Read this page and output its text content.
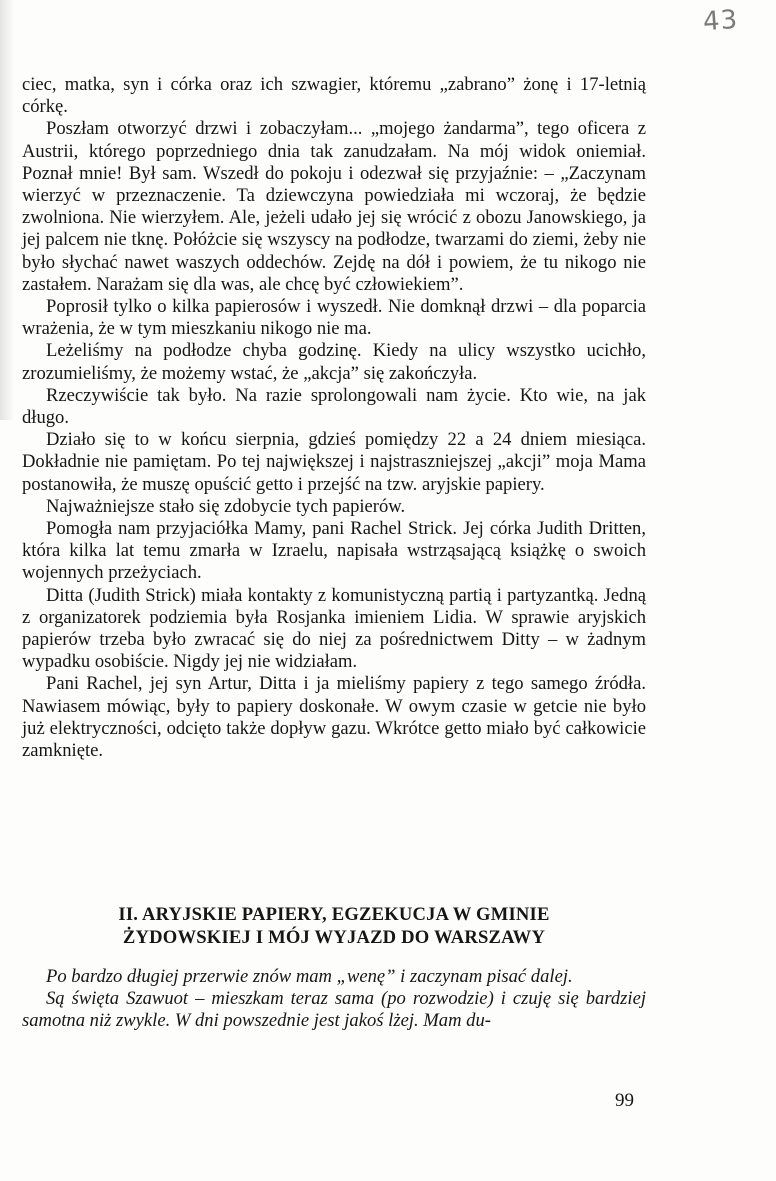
43

ciec, matka, syn i córka oraz ich szwagier, któremu „zabrano” żonę i 17-letnią córkę.

Poszłam otworzyć drzwi i zobaczyłam... „mojego żandarma”, tego oficera z Austrii, którego poprzedniego dnia tak zanudzałam. Na mój widok oniemiał. Poznał mnie! Był sam. Wszedł do pokoju i odezwał się przyjaźnie: – „Zaczynam wierzyć w przeznaczenie. Ta dziewczyna powiedziała mi wczoraj, że będzie zwolniona. Nie wierzyłem. Ale, jeżeli udało jej się wrócić z obozu Janowskiego, ja jej palcem nie tknę. Połóżcie się wszyscy na podłodze, twarzami do ziemi, żeby nie było słychać nawet waszych oddechów. Zejdę na dół i powiem, że tu nikogo nie zastałem. Narażam się dla was, ale chcę być człowiekiem”.

Poprosił tylko o kilka papierosów i wyszedł. Nie domknął drzwi – dla poparcia wrażenia, że w tym mieszkaniu nikogo nie ma.

Leżeliśmy na podłodze chyba godzinę. Kiedy na ulicy wszystko ucichło, zrozumieliśmy, że możemy wstać, że „akcja” się zakończyła.

Rzeczywiście tak było. Na razie sprolongowali nam życie. Kto wie, na jak długo.

Działo się to w końcu sierpnia, gdzieś pomiędzy 22 a 24 dniem miesiąca. Dokładnie nie pamiętam. Po tej największej i najstraszniejszej „akcji” moja Mama postanowiła, że muszę opuścić getto i przejść na tzw. aryjskie papiery.

Najważniejsze stało się zdobycie tych papierów.

Pomogła nam przyjaciółka Mamy, pani Rachel Strick. Jej córka Judith Dritten, która kilka lat temu zmarła w Izraelu, napisała wstrząsającą książkę o swoich wojennych przeżyciach.

Ditta (Judith Strick) miała kontakty z komunistyczną partią i partyzantką. Jedną z organizatorek podziemia była Rosjanka imieniem Lidia. W sprawie aryjskich papierów trzeba było zwracać się do niej za pośrednictwem Ditty – w żadnym wypadku osobiście. Nigdy jej nie widziałam.

Pani Rachel, jej syn Artur, Ditta i ja mieliśmy papiery z tego samego źródła. Nawiasem mówiąc, były to papiery doskonałe. W owym czasie w getcie nie było już elektryczności, odcięto także dopływ gazu. Wkrótce getto miało być całkowicie zamknięte.

II. ARYJSKIE PAPIERY, EGZEKUCJA W GMINIE
ŻYDOWSKIEJ I MÓJ WYJAZD DO WARSZAWY

Po bardzo długiej przerwie znów mam „wenę” i zaczynam pisać dalej.

Są święta Szawuot – mieszkam teraz sama (po rozwodzie) i czuję się bardziej samotna niż zwykle. W dni powszednie jest jakoś lżej. Mam du-

99
